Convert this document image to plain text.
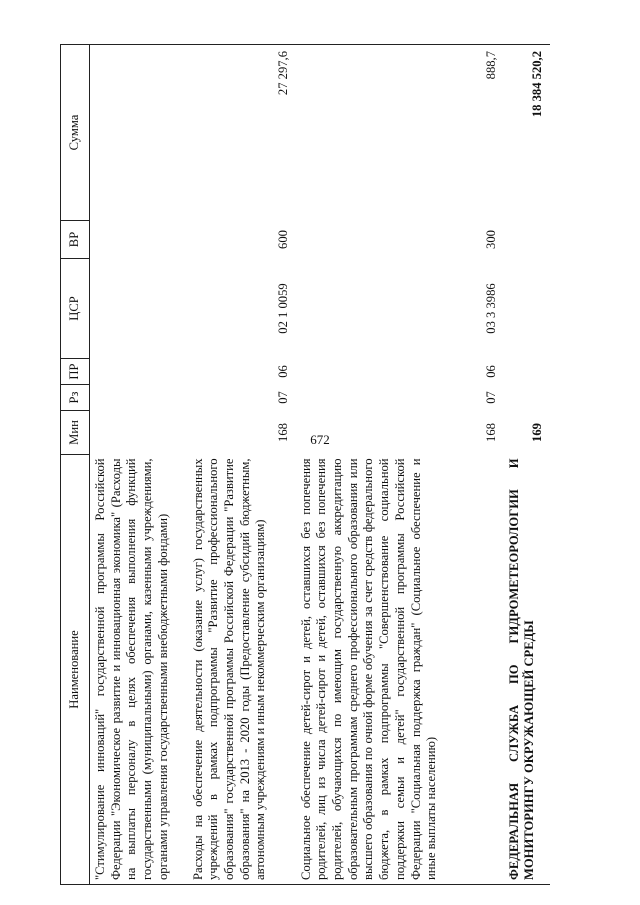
672
Наименование	Мин	Рз	ПР	ЦСР	ВР	Сумма
"Стимулирование инноваций" государственной программы Российской Федерации "Экономическое развитие и инновационная экономика" (Расходы на выплаты персоналу в целях обеспечения выполнения функций государственными (муниципальными) органами, казенными учреждениями, органами управления государственными внебюджетными фондами)						
Расходы на обеспечение деятельности (оказание услуг) государственных учреждений в рамках подпрограммы "Развитие профессионального образования" государственной программы Российской Федерации "Развитие образования" на 2013 - 2020 годы (Предоставление субсидий бюджетным, автономным учреждениям и иным некоммерческим организациям)	168	07	06	02 1 0059	600	27 297,6
Социальное обеспечение детей-сирот и детей, оставшихся без попечения родителей, лиц из числа детей-сирот и детей, оставшихся без попечения родителей, обучающихся по имеющим государственную аккредитацию образовательным программам среднего профессионального образования или высшего образования по очной форме обучения за счет средств федерального бюджета, в рамках подпрограммы "Совершенствование социальной поддержки семьи и детей" государственной программы Российской Федерации "Социальная поддержка граждан" (Социальное обеспечение и иные выплаты населению)	168	07	06	03 3 3986	300	888,7
ФЕДЕРАЛЬНАЯ СЛУЖБА ПО ГИДРОМЕТЕОРОЛОГИИ И МОНИТОРИНГУ ОКРУЖАЮЩЕЙ СРЕДЫ	169					18 384 520,2
